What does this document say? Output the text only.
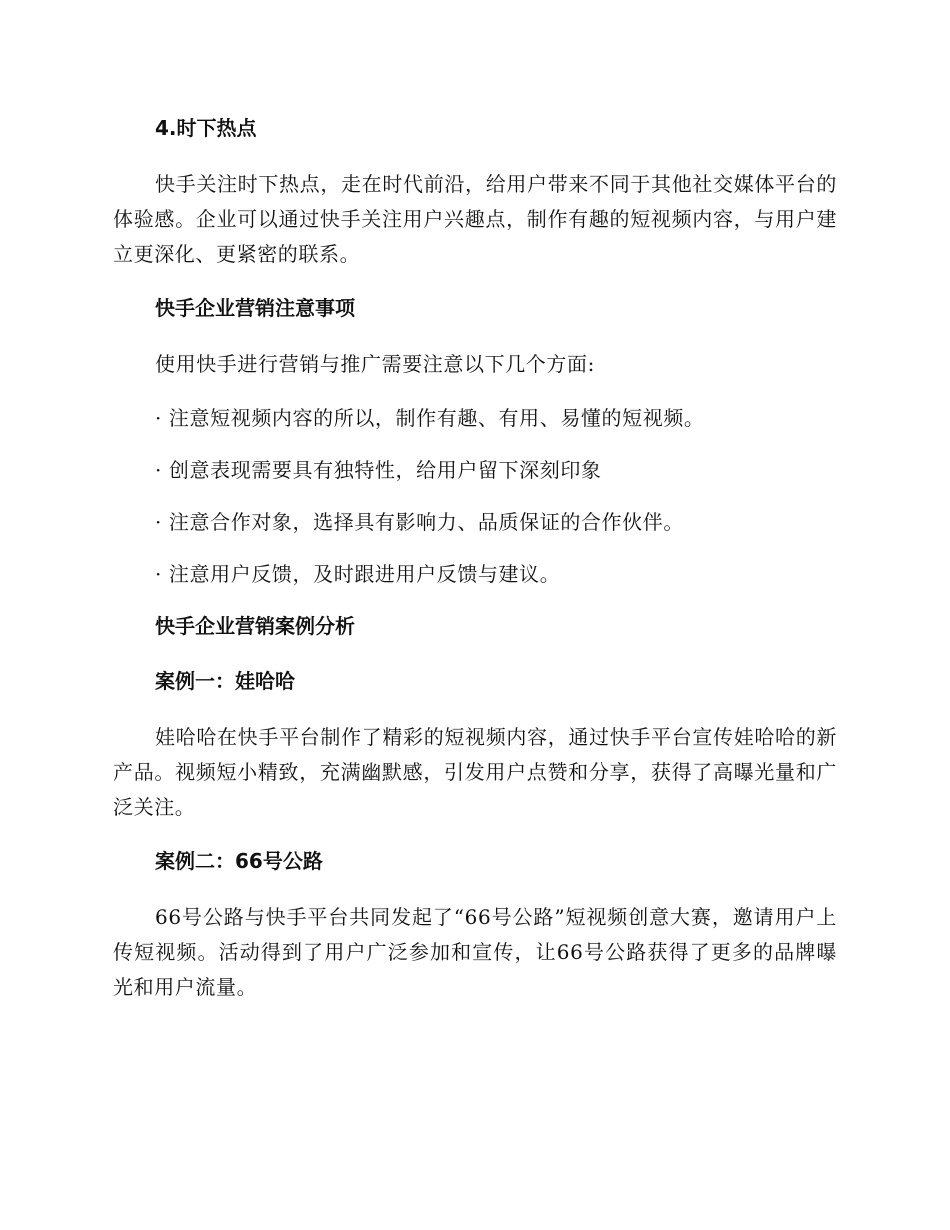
4.时下热点

快手关注时下热点，走在时代前沿，给用户带来不同于其他社交媒体平台的体验感。企业可以通过快手关注用户兴趣点，制作有趣的短视频内容，与用户建立更深化、更紧密的联系。

快手企业营销注意事项

使用快手进行营销与推广需要注意以下几个方面:

· 注意短视频内容的所以，制作有趣、有用、易懂的短视频。

· 创意表现需要具有独特性，给用户留下深刻印象

· 注意合作对象，选择具有影响力、品质保证的合作伙伴。

· 注意用户反馈，及时跟进用户反馈与建议。

快手企业营销案例分析
案例一：娃哈哈

娃哈哈在快手平台制作了精彩的短视频内容，通过快手平台宣传娃哈哈的新产品。视频短小精致，充满幽默感，引发用户点赞和分享，获得了高曝光量和广泛关注。

案例二：66号公路

66号公路与快手平台共同发起了“66号公路”短视频创意大赛，邀请用户上传短视频。活动得到了用户广泛参加和宣传，让66号公路获得了更多的品牌曝光和用户流量。
